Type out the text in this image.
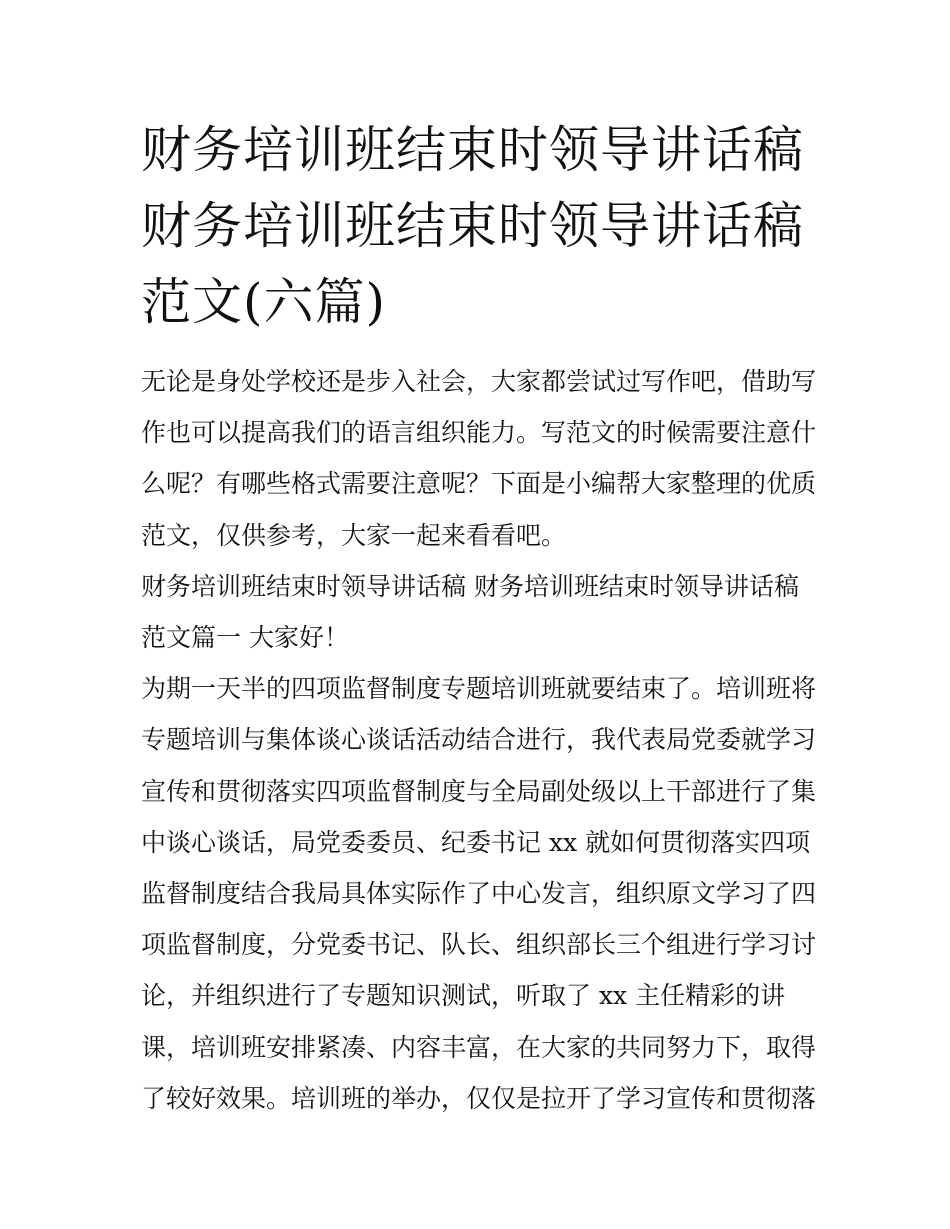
财务培训班结束时领导讲话稿
财务培训班结束时领导讲话稿
范文(六篇)
无论是身处学校还是步入社会，大家都尝试过写作吧，借助写
作也可以提高我们的语言组织能力。写范文的时候需要注意什
么呢？有哪些格式需要注意呢？下面是小编帮大家整理的优质
范文，仅供参考，大家一起来看看吧。
财务培训班结束时领导讲话稿 财务培训班结束时领导讲话稿
范文篇一 大家好！
为期一天半的四项监督制度专题培训班就要结束了。培训班将
专题培训与集体谈心谈话活动结合进行，我代表局党委就学习
宣传和贯彻落实四项监督制度与全局副处级以上干部进行了集
中谈心谈话，局党委委员、纪委书记 xx 就如何贯彻落实四项
监督制度结合我局具体实际作了中心发言，组织原文学习了四
项监督制度，分党委书记、队长、组织部长三个组进行学习讨
论，并组织进行了专题知识测试，听取了 xx 主任精彩的讲
课，培训班安排紧凑、内容丰富，在大家的共同努力下，取得
了较好效果。培训班的举办，仅仅是拉开了学习宣传和贯彻落
